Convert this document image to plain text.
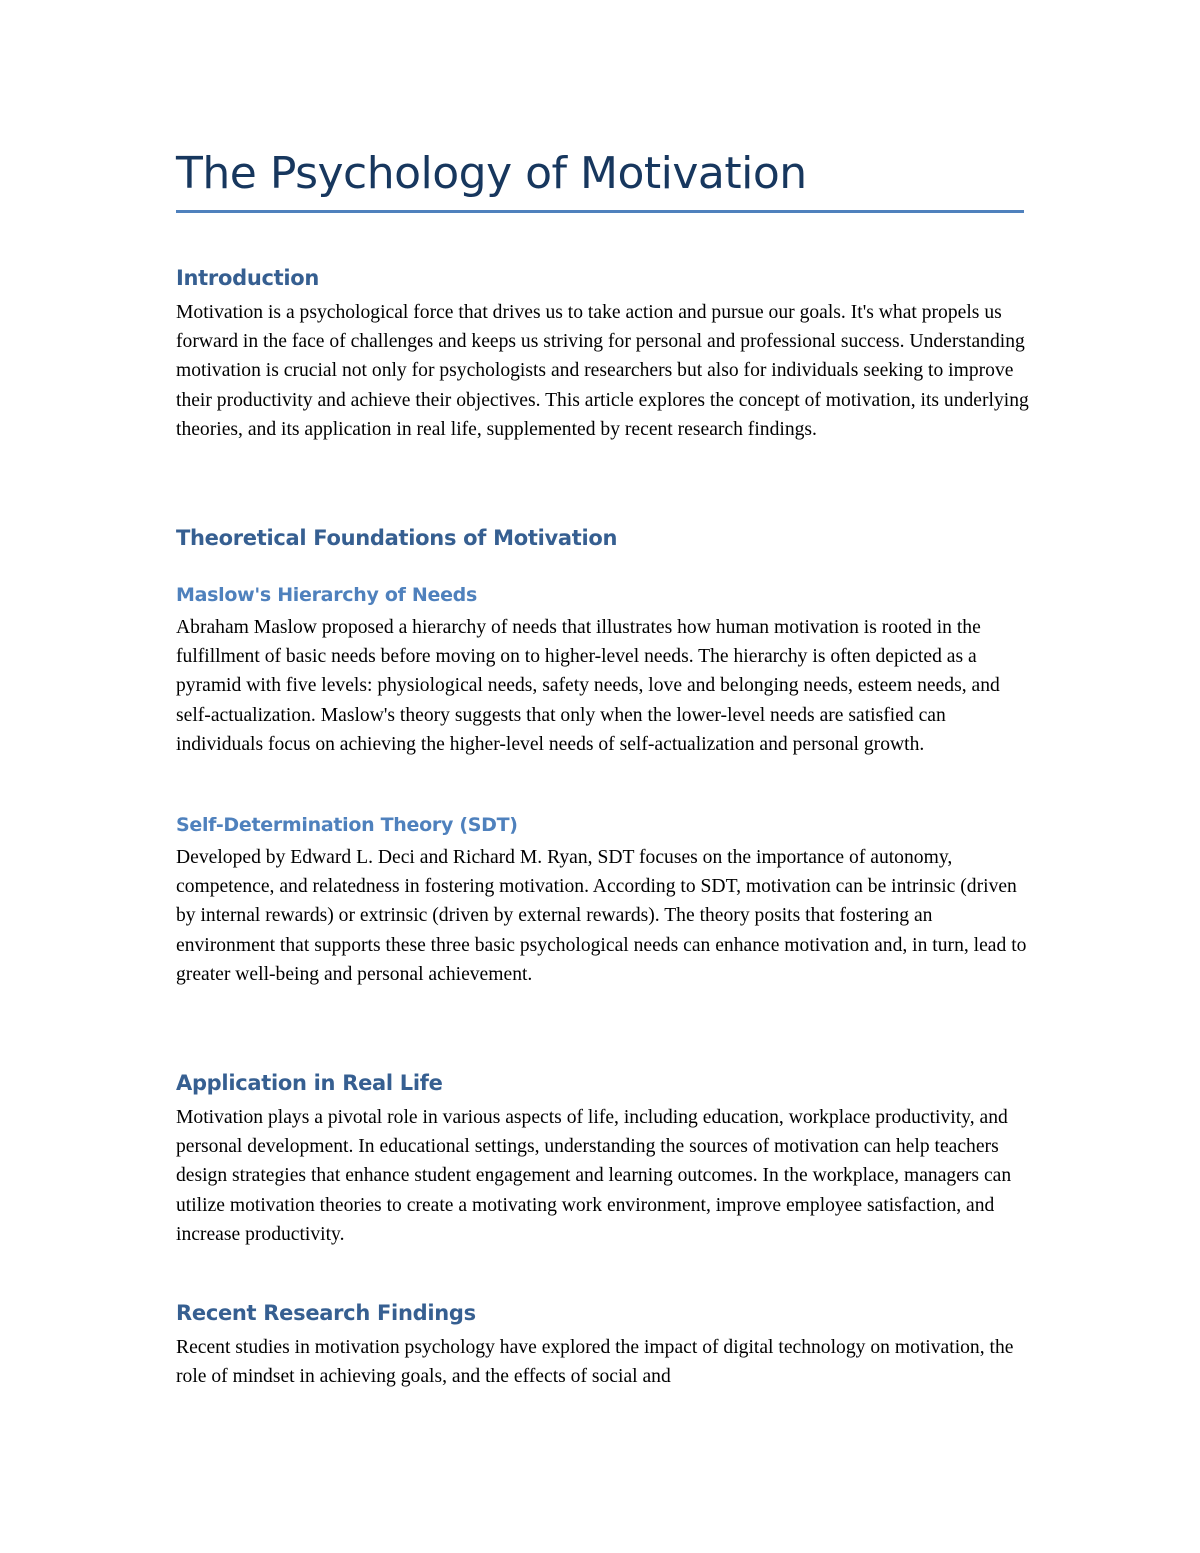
The Psychology of Motivation
Introduction

Motivation is a psychological force that drives us to take action and pursue our goals. It's what propels us forward in the face of challenges and keeps us striving for personal and professional success. Understanding motivation is crucial not only for psychologists and researchers but also for individuals seeking to improve their productivity and achieve their objectives. This article explores the concept of motivation, its underlying theories, and its application in real life, supplemented by recent research findings.

Theoretical Foundations of Motivation
Maslow's Hierarchy of Needs

Abraham Maslow proposed a hierarchy of needs that illustrates how human motivation is rooted in the fulfillment of basic needs before moving on to higher-level needs. The hierarchy is often depicted as a pyramid with five levels: physiological needs, safety needs, love and belonging needs, esteem needs, and self-actualization. Maslow's theory suggests that only when the lower-level needs are satisfied can individuals focus on achieving the higher-level needs of self-actualization and personal growth.

Self-Determination Theory (SDT)

Developed by Edward L. Deci and Richard M. Ryan, SDT focuses on the importance of autonomy, competence, and relatedness in fostering motivation. According to SDT, motivation can be intrinsic (driven by internal rewards) or extrinsic (driven by external rewards). The theory posits that fostering an environment that supports these three basic psychological needs can enhance motivation and, in turn, lead to greater well-being and personal achievement.

Application in Real Life

Motivation plays a pivotal role in various aspects of life, including education, workplace productivity, and personal development. In educational settings, understanding the sources of motivation can help teachers design strategies that enhance student engagement and learning outcomes. In the workplace, managers can utilize motivation theories to create a motivating work environment, improve employee satisfaction, and increase productivity.

Recent Research Findings

Recent studies in motivation psychology have explored the impact of digital technology on motivation, the role of mindset in achieving goals, and the effects of social and
